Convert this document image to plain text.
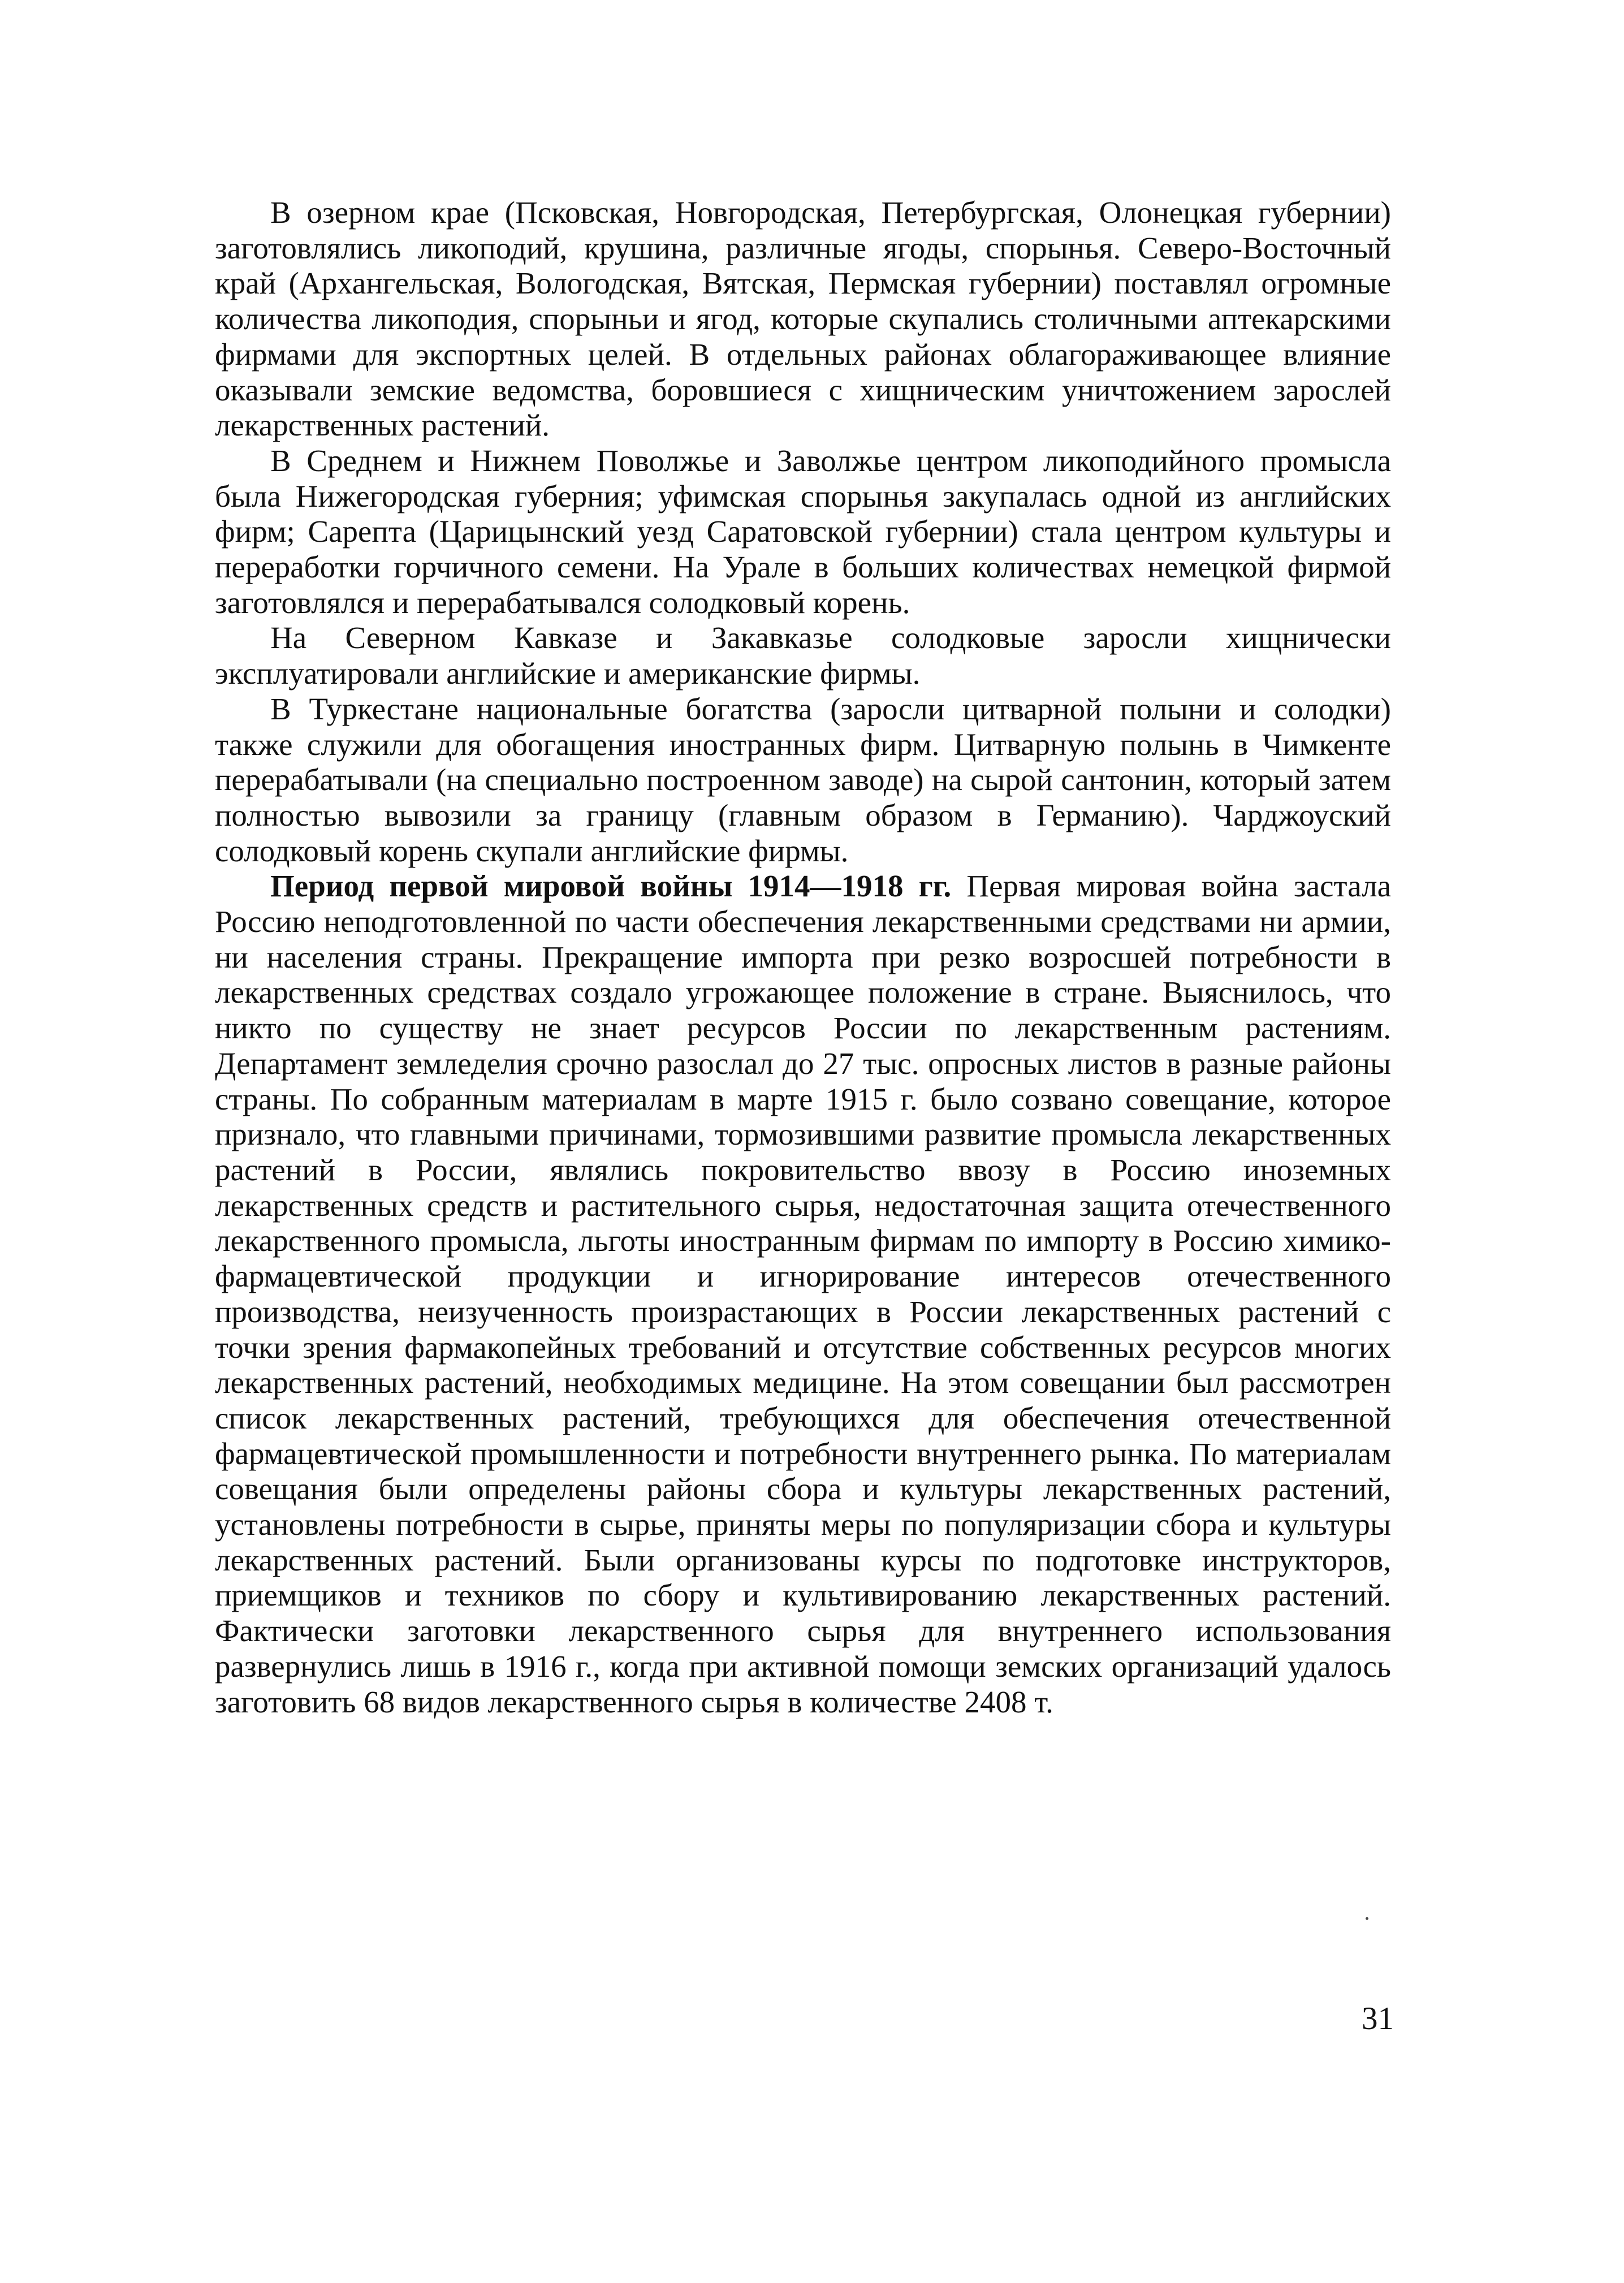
В озерном крае (Псковская, Новгородская, Петербургская, Олонецкая губернии) заготовлялись ликоподий, крушина, различные ягоды, спорынья. Северо-Восточный край (Архангельская, Вологодская, Вятская, Пермская губернии) поставлял огромные количества ликоподия, спорыньи и ягод, которые скупались столичными аптекарскими фирмами для экспортных целей. В отдельных районах облагораживающее влияние оказывали земские ведомства, боровшиеся с хищническим уничтожением зарослей лекарственных растений.

В Среднем и Нижнем Поволжье и Заволжье центром ликоподийного промысла была Нижегородская губерния; уфимская спорынья закупалась одной из английских фирм; Сарепта (Царицынский уезд Саратовской губернии) стала центром культуры и переработки горчичного семени. На Урале в больших количествах немецкой фирмой заготовлялся и перерабатывался солодковый корень.

На Северном Кавказе и Закавказье солодковые заросли хищнически эксплуатировали английские и американские фирмы.

В Туркестане национальные богатства (заросли цитварной полыни и солодки) также служили для обогащения иностранных фирм. Цитварную полынь в Чимкенте перерабатывали (на специально построенном заводе) на сырой сантонин, который затем полностью вывозили за границу (главным образом в Германию). Чарджоуский солодковый корень скупали английские фирмы.

Период первой мировой войны 1914—1918 гг. Первая мировая война застала Россию неподготовленной по части обеспечения лекарственными средствами ни армии, ни населения страны. Прекращение импорта при резко возросшей потребности в лекарственных средствах создало угрожающее положение в стране. Выяснилось, что никто по существу не знает ресурсов России по лекарственным растениям. Департамент земледелия срочно разослал до 27 тыс. опросных листов в разные районы страны. По собранным материалам в марте 1915 г. было созвано совещание, которое признало, что главными причинами, тормозившими развитие промысла лекарственных растений в России, являлись покровительство ввозу в Россию иноземных лекарственных средств и растительного сырья, недостаточная защита отечественного лекарственного промысла, льготы иностранным фирмам по импорту в Россию химико-фармацевтической продукции и игнорирование интересов отечественного производства, неизученность произрастающих в России лекарственных растений с точки зрения фармакопейных требований и отсутствие собственных ресурсов многих лекарственных растений, необходимых медицине. На этом совещании был рассмотрен список лекарственных растений, требующихся для обеспечения отечественной фармацевтической промышленности и потребности внутреннего рынка. По материалам совещания были определены районы сбора и культуры лекарственных растений, установлены потребности в сырье, приняты меры по популяризации сбора и культуры лекарственных растений. Были организованы курсы по подготовке инструкторов, приемщиков и техников по сбору и культивированию лекарственных растений. Фактически заготовки лекарственного сырья для внутреннего использования развернулись лишь в 1916 г., когда при активной помощи земских организаций удалось заготовить 68 видов лекарственного сырья в количестве 2408 т.

31
